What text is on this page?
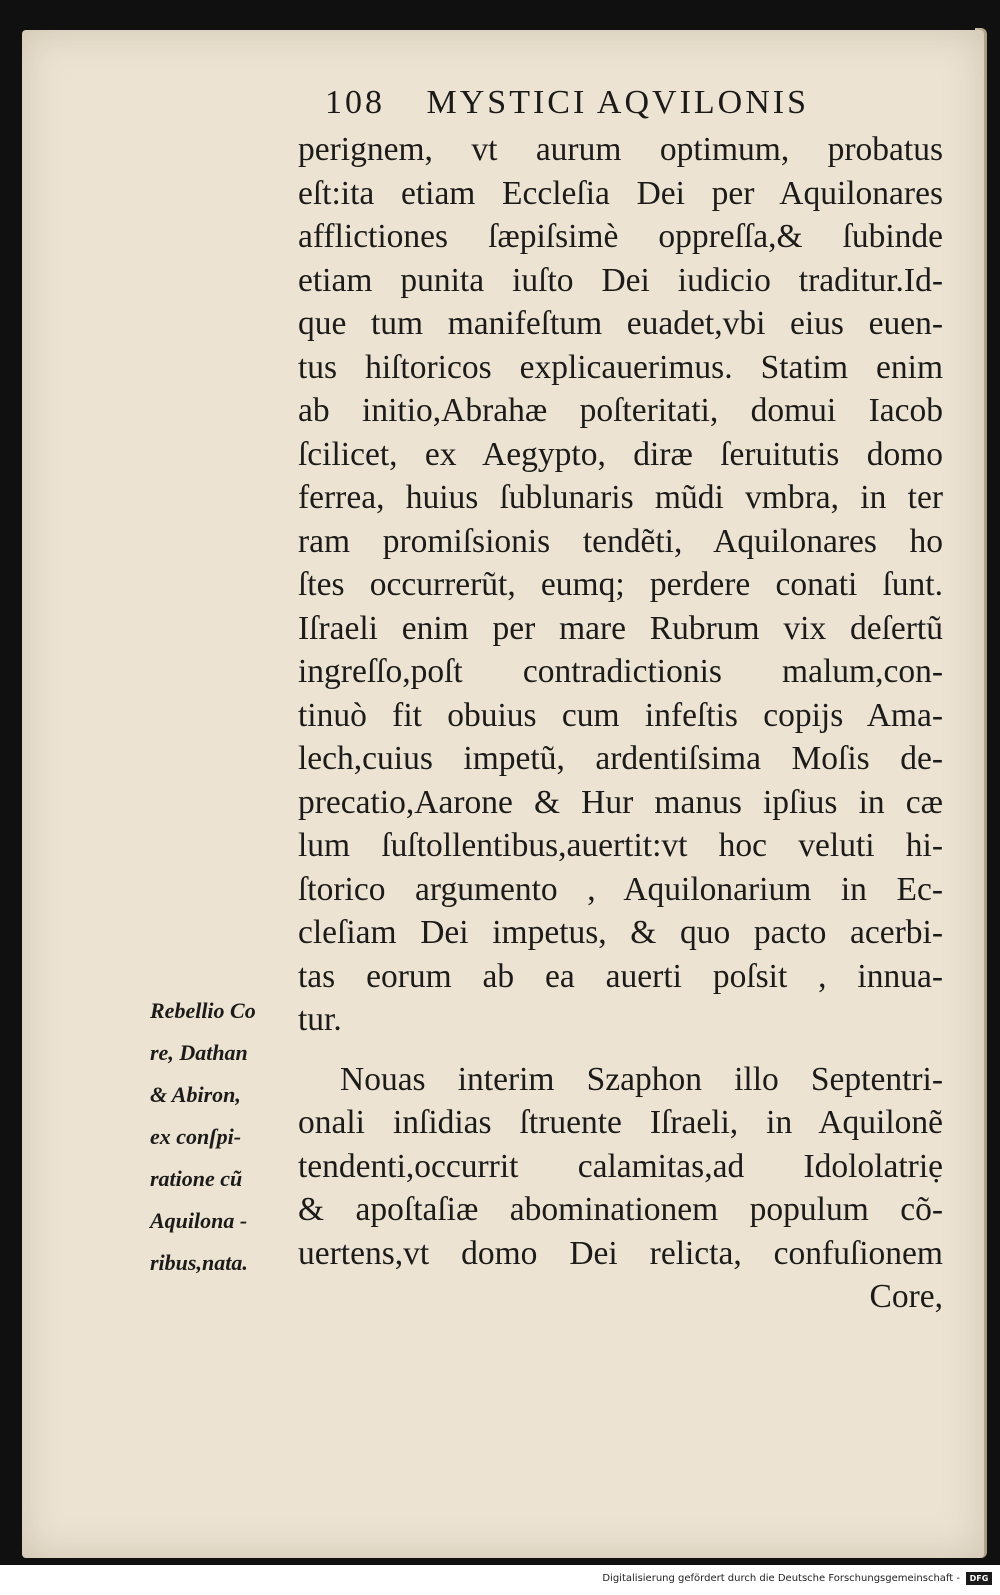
108 MYSTICI AQVILONIS
perignem, vt aurum optimum, probatus
eſt:ita etiam Eccleſia Dei per Aquilonares
afflictiones ſæpiſsimè oppreſſa,& ſubinde
etiam punita iuſto Dei iudicio traditur.Id-
que tum manifeſtum euadet,vbi eius euen-
tus hiſtoricos explicauerimus. Statim enim
ab initio,Abrahæ poſteritati, domui Iacob
ſcilicet, ex Aegypto, diræ ſeruitutis domo
ferrea, huius ſublunaris mũdi vmbra, in ter
ram promiſsionis tendẽti, Aquilonares ho
ſtes occurrerũt, eumq; perdere conati ſunt.
Iſraeli enim per mare Rubrum vix deſertũ
ingreſſo,poſt contradictionis malum,con-
tinuò fit obuius cum infeſtis copijs Ama-
lech,cuius impetũ, ardentiſsima Moſis de-
precatio,Aarone & Hur manus ipſius in cæ
lum ſuſtollentibus,auertit:vt hoc veluti hi-
ſtorico argumento , Aquilonarium in Ec-
cleſiam Dei impetus, & quo pacto acerbi-
tas eorum ab ea auerti poſsit , innua-
tur.
Nouas interim Szaphon illo Septentri-
onali inſidias ſtruente Iſraeli, in Aquilonẽ
tendenti,occurrit calamitas,ad Idololatriẹ
& apoſtaſiæ abominationem populum cõ-
uertens,vt domo Dei relicta, confuſionem
Core,
Rebellio Co
re, Dathan
& Abiron,
ex conſpi-
ratione cũ
Aquilona -
ribus,nata.
Digitalisierung gefördert durch die Deutsche Forschungsgemeinschaft -	DFG
